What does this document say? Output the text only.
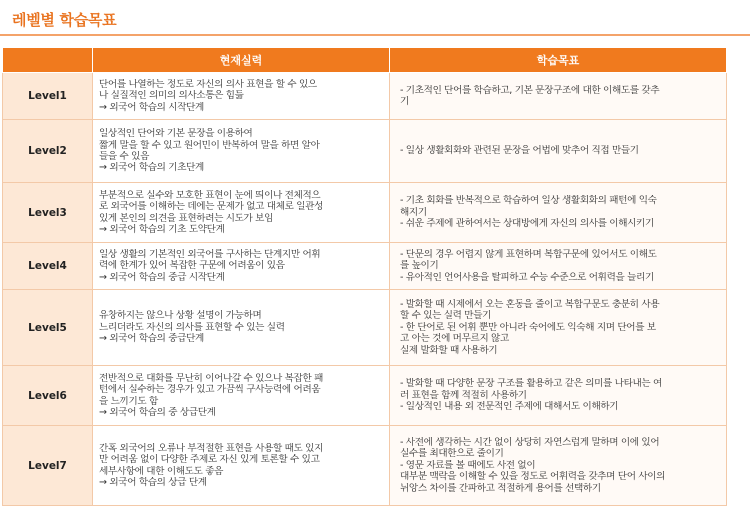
레벨별 학습목표
	현재실력	학습목표
Level1	단어를 나열하는 정도로 자신의 의사 표현을 할 수 있으
나 실질적인 의미의 의사소통은 힘듦
→ 외국어 학습의 시작단계	- 기초적인 단어를 학습하고, 기본 문장구조에 대한 이해도를 갖추
기

Level2	일상적인 단어와 기본 문장을 이용하여
짧게 말을 할 수 있고 원어민이 반복하여 말을 하면 알아
들을 수 있음
→ 외국어 학습의 기초단계	- 일상 생활회화와 관련된 문장을 어법에 맞추어 직접 만들기

Level3	부분적으로 실수와 모호한 표현이 눈에 띄이나 전체적으
로 외국어를 이해하는 데에는 문제가 없고 대체로 일관성
있게 본인의 의견을 표현하려는 시도가 보임
→ 외국어 학습의 기초 도약단계	- 기초 회화를 반복적으로 학습하여 일상 생활회화의 패턴에 익숙
해지기
- 쉬운 주제에 관하여서는 상대방에게 자신의 의사를 이해시키기

Level4	일상 생활의 기본적인 외국어를 구사하는 단계지만 어휘
력에 한계가 있어 복잡한 구문에 어려움이 있음
→ 외국어 학습의 중급 시작단계	- 단문의 경우 어렵지 않게 표현하며 복합구문에 있어서도 이해도
를 높이기
- 유아적인 언어사용을 탈피하고 수능 수준으로 어휘력을 늘리기

Level5	유창하지는 않으나 상황 설명이 가능하며
느리더라도 자신의 의사를 표현할 수 있는 실력
→ 외국어 학습의 중급단계	- 발화할 때 시제에서 오는 혼동을 줄이고 복합구문도 충분히 사용
할 수 있는 실력 만들기
- 한 단어로 된 어휘 뿐만 아니라 숙어에도 익숙해 지며 단어를 보
고 아는 것에 머무르지 않고
실제 발화할 때 사용하기

Level6	전반적으로 대화를 무난히 이어나갈 수 있으나 복잡한 패
턴에서 실수하는 경우가 있고 가끔씩 구사능력에 어려움
을 느끼기도 함
→ 외국어 학습의 중 상급단계	- 발화할 때 다양한 문장 구조를 활용하고 같은 의미를 나타내는 여
러 표현을 함께 적절히 사용하기
- 일상적인 내용 외 전문적인 주제에 대해서도 이해하기

Level7	간혹 외국어의 오류나 부적절한 표현을 사용할 때도 있지
만 어려움 없이 다양한 주제로 자신 있게 토론할 수 있고
세부사항에 대한 이해도도 좋음
→ 외국어 학습의 상급 단계	- 사전에 생각하는 시간 없이 상당히 자연스럽게 말하며 이에 있어
실수를 최대한으로 줄이기
- 영문 자료를 볼 때에도 사전 없이
대부분 맥락을 이해할 수 있을 정도로 어휘력을 갖추며 단어 사이의
뉘앙스 차이를 간파하고 적절하게 용어를 선택하기
